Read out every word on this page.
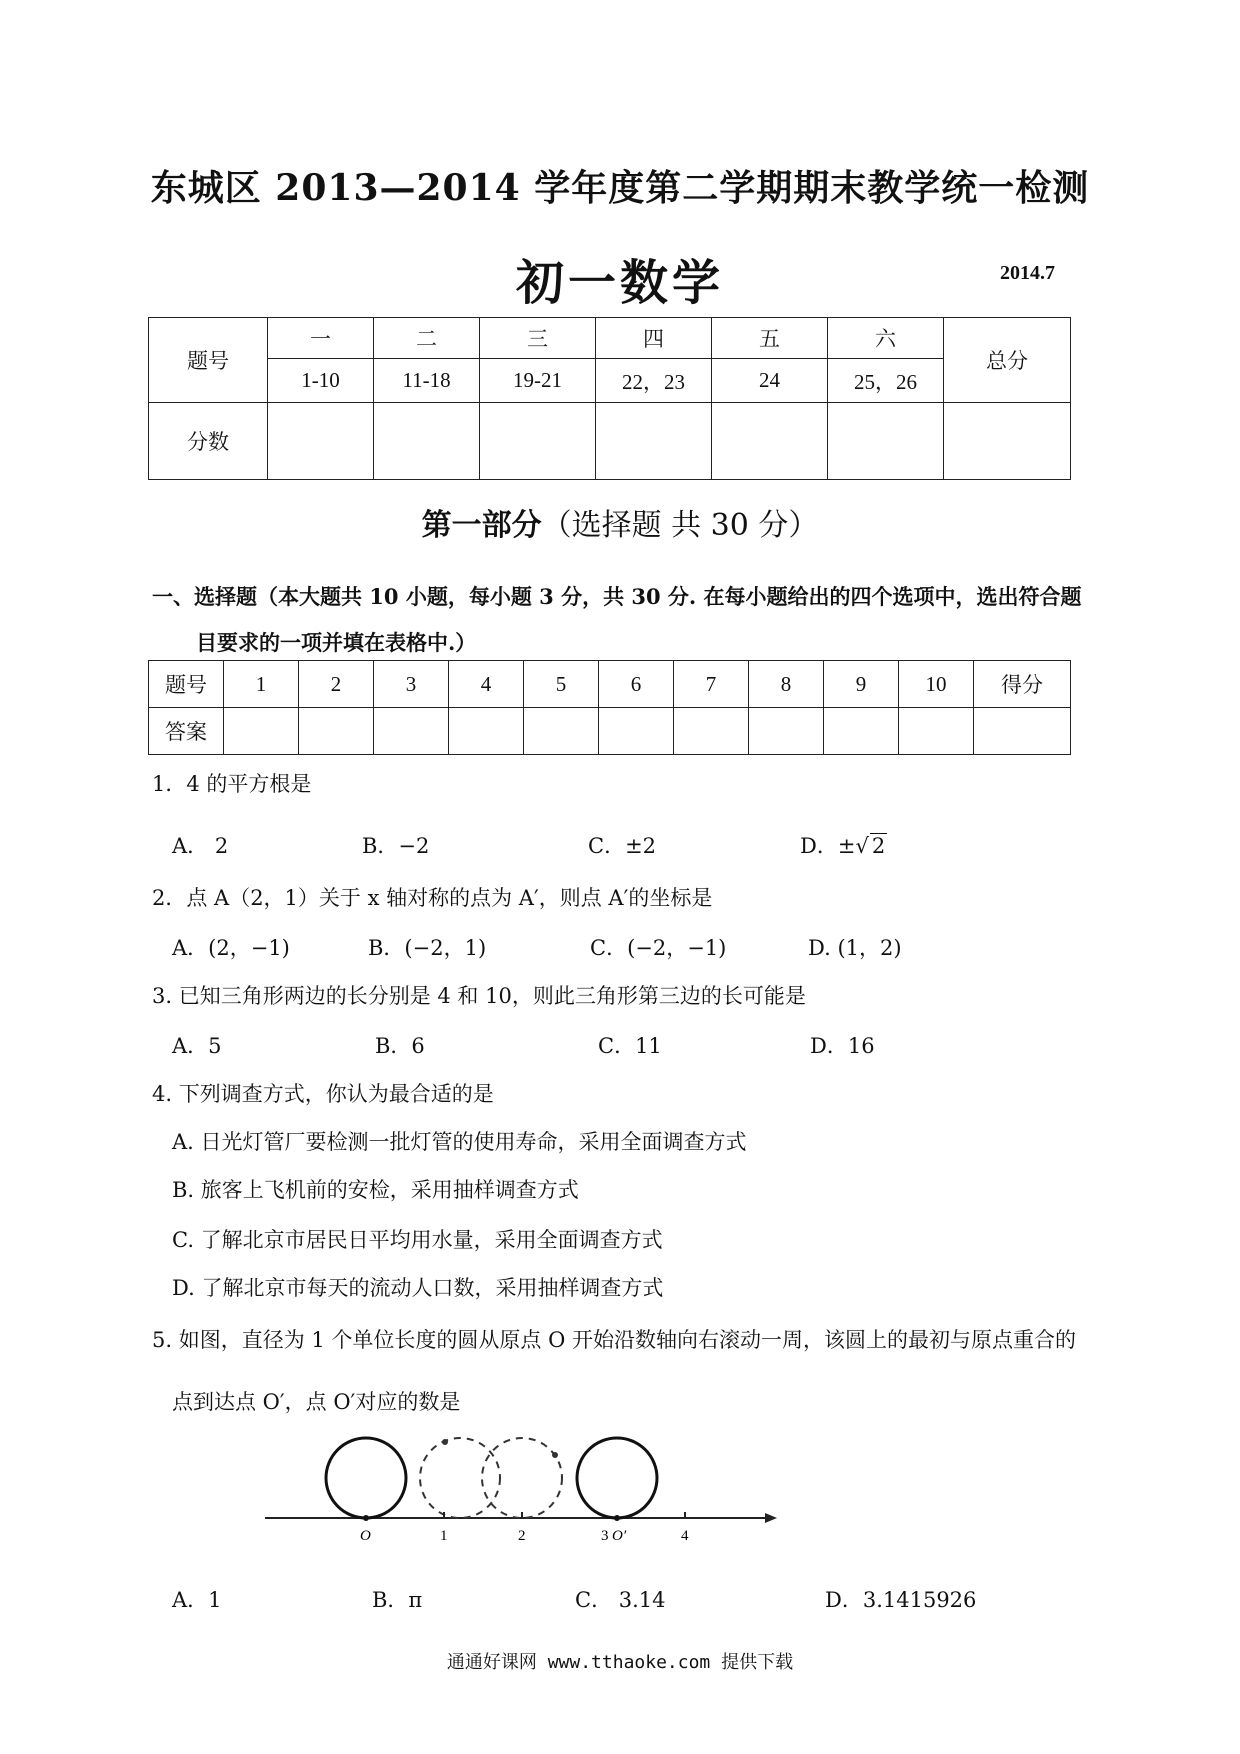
东城区 2013—2014 学年度第二学期期末教学统一检测
初一数学	2014.7
题号	一	二	三	四	五	六	总分
	1-10	11-18	19-21	22，23	24	25，26	
分数							
第一部分（选择题 共 30 分）
一、选择题（本大题共 10 小题，每小题 3 分，共 30 分. 在每小题给出的四个选项中，选出符合题
目要求的一项并填在表格中.）
题号	1	2	3	4	5	6	7	8	9	10	得分
答案											
1．4 的平方根是
A． 2	B．−2	C．±2	D．±√ 2
2．点 A（2，1）关于 x 轴对称的点为 A′，则点 A′的坐标是
A．(2，−1)	B．(−2，1)	C．(−2，−1)	D. (1，2)
3. 已知三角形两边的长分别是 4 和 10，则此三角形第三边的长可能是
A．5	B．6	C．11	D．16
4. 下列调查方式，你认为最合适的是
A. 日光灯管厂要检测一批灯管的使用寿命，采用全面调查方式
B. 旅客上飞机前的安检，采用抽样调查方式
C. 了解北京市居民日平均用水量，采用全面调查方式
D. 了解北京市每天的流动人口数，采用抽样调查方式
5. 如图，直径为 1 个单位长度的圆从原点 O 开始沿数轴向右滚动一周，该圆上的最初与原点重合的
点到达点 O′，点 O′对应的数是
O	1	2	3 O′	4
A．1	B．π	C． 3.14	D．3.1415926
通通好课网 www.tthaoke.com 提供下载
